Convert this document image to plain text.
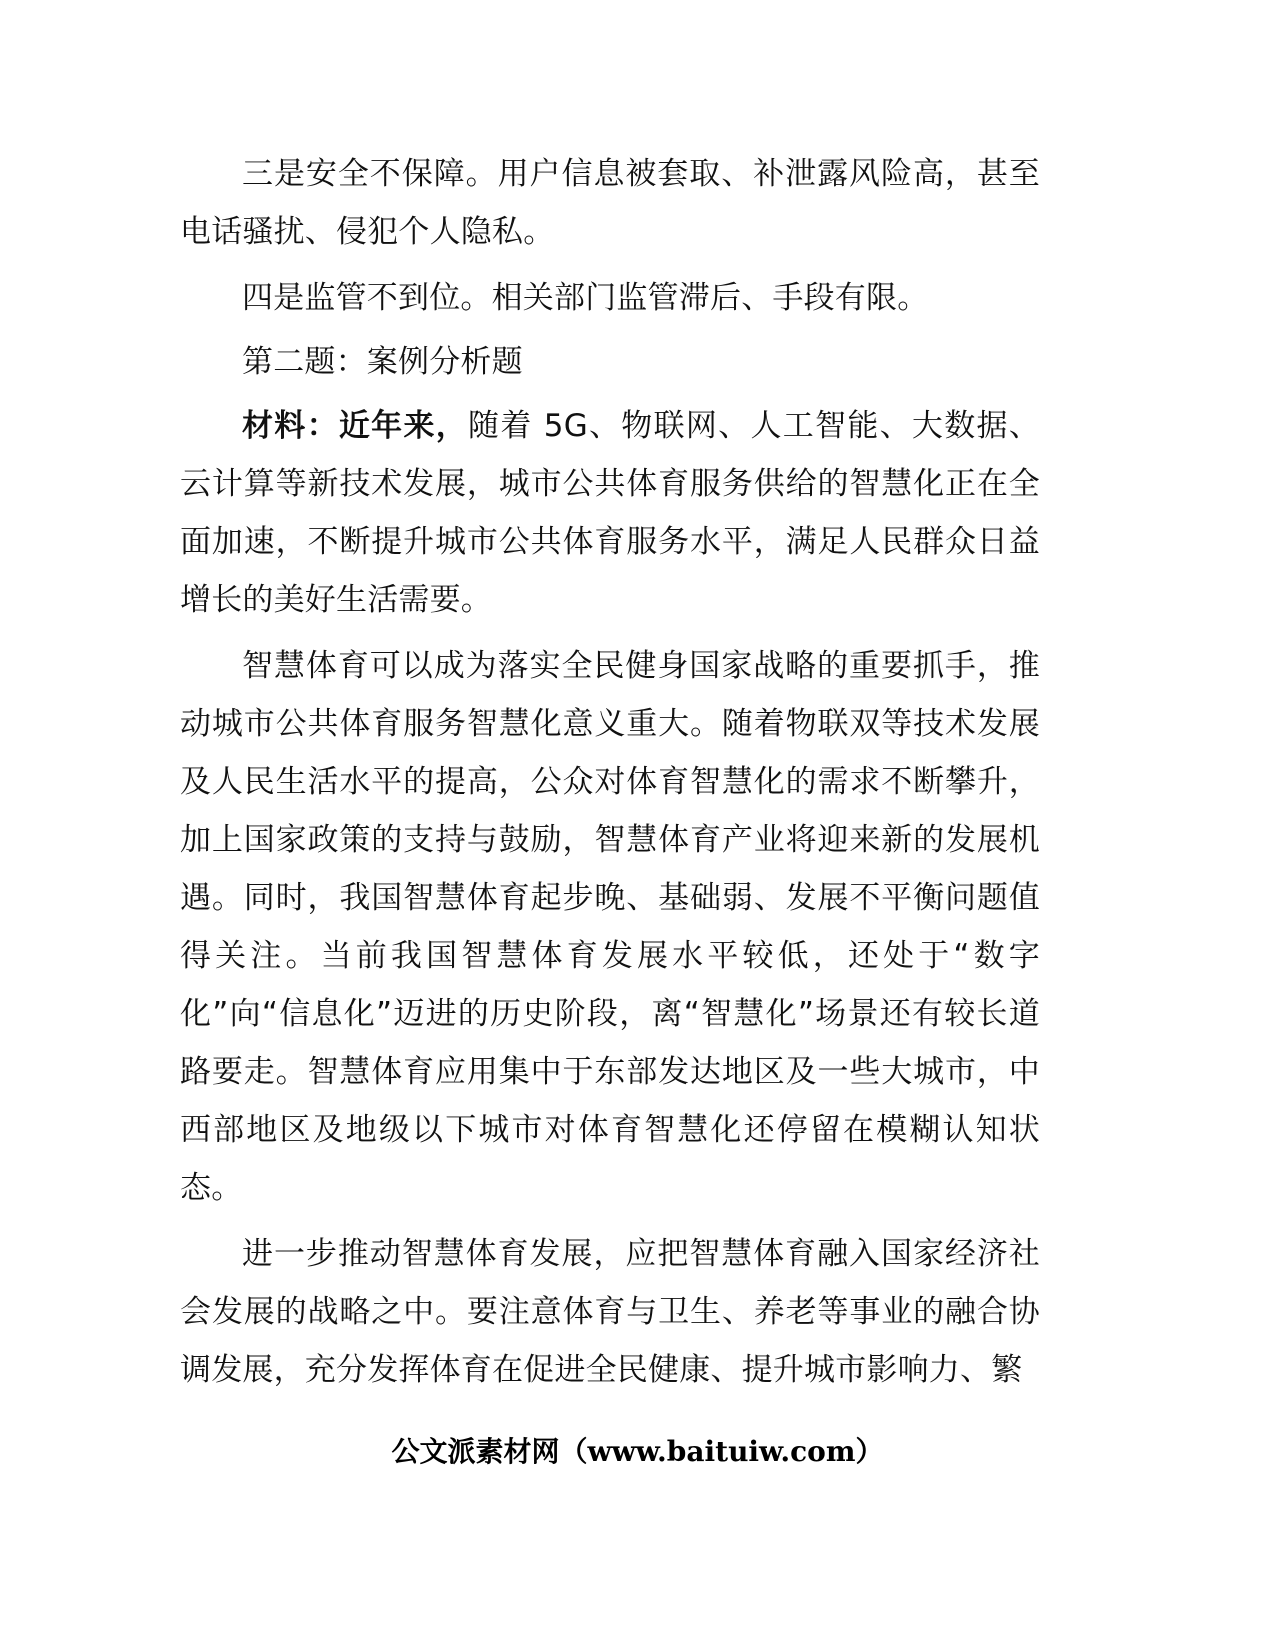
三是安全不保障。用户信息被套取、补泄露风险高，甚至电话骚扰、侵犯个人隐私。

四是监管不到位。相关部门监管滞后、手段有限。

第二题：案例分析题

材料：近年来，随着 5G、物联网、人工智能、大数据、云计算等新技术发展，城市公共体育服务供给的智慧化正在全面加速，不断提升城市公共体育服务水平，满足人民群众日益增长的美好生活需要。

智慧体育可以成为落实全民健身国家战略的重要抓手，推动城市公共体育服务智慧化意义重大。随着物联双等技术发展及人民生活水平的提高，公众对体育智慧化的需求不断攀升，加上国家政策的支持与鼓励，智慧体育产业将迎来新的发展机遇。同时，我国智慧体育起步晚、基础弱、发展不平衡问题值得关注。当前我国智慧体育发展水平较低，还处于“数字化”向“信息化”迈进的历史阶段，离“智慧化”场景还有较长道路要走。智慧体育应用集中于东部发达地区及一些大城市，中西部地区及地级以下城市对体育智慧化还停留在模糊认知状态。

进一步推动智慧体育发展，应把智慧体育融入国家经济社会发展的战略之中。要注意体育与卫生、养老等事业的融合协调发展，充分发挥体育在促进全民健康、提升城市影响力、繁

公文派素材网（www.baituiw.com）
